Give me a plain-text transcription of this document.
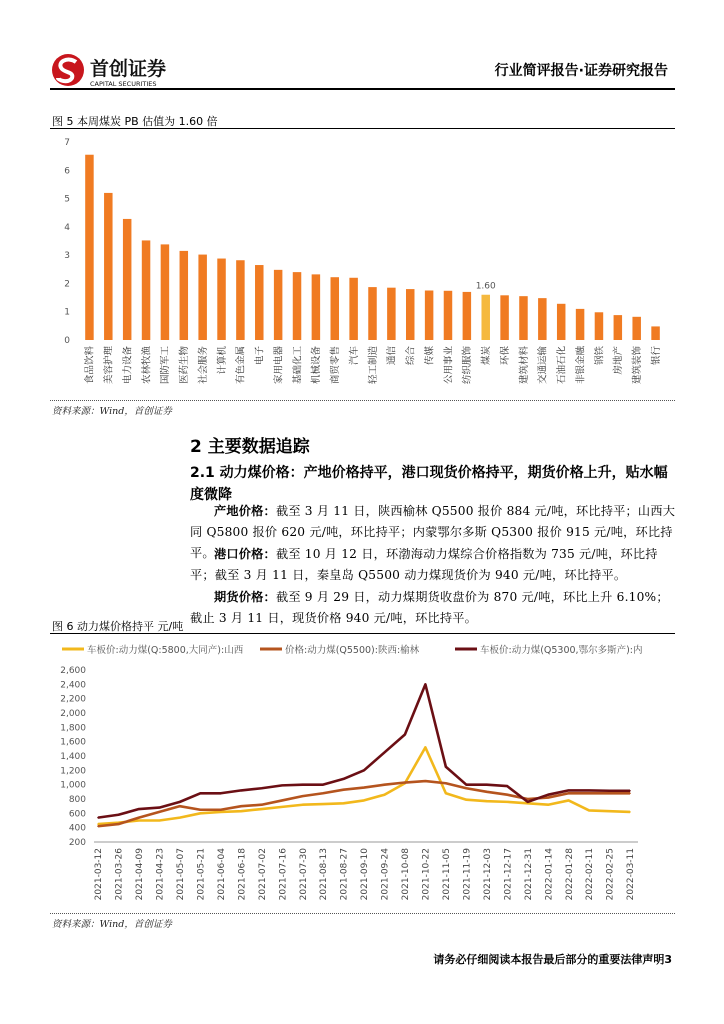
首创证券
CAPITAL SECURITIES
行业简评报告·证券研究报告
图 5 本周煤炭 PB 估值为 1.60 倍
0
1
2
3
4
5
6
7
食品饮料 美容护理 电力设备 农林牧渔 国防军工 医药生物 社会服务 计算机 有色金属 电子 家用电器 基础化工 机械设备 商贸零售 汽车 轻工制造 通信 综合 传媒 公用事业 纺织服饰 煤炭
1.60
环保 建筑材料 交通运输 石油石化 非银金融 钢铁 房地产 建筑装饰 银行
资料来源：Wind，首创证券
2 主要数据追踪
2.1 动力煤价格：产地价格持平，港口现货价格持平，期货价格上升，贴水幅度微降
产地价格：截至 3 月 11 日，陕西榆林 Q5500 报价 884 元/吨，环比持平；山西大同 Q5800 报价 620 元/吨，环比持平；内蒙鄂尔多斯 Q5300 报价 915 元/吨，环比持平。 港口价格：截至 10 月 12 日，环渤海动力煤综合价格指数为 735 元/吨，环比持平；截至 3 月 11 日，秦皇岛 Q5500 动力煤现货价为 940 元/吨，环比持平。
期货价格：截至 9 月 29 日，动力煤期货收盘价为 870 元/吨，环比上升 6.10%；截止 3 月 11 日，现货价格 940 元/吨，环比持平。
图 6 动力煤价格持平 元/吨
200
400
600
800
1,000
1,200
1,400
1,600
1,800
2,000
2,200
2,400
2,600
2021-03-12 2021-03-26 2021-04-09 2021-04-23 2021-05-07 2021-05-21 2021-06-04 2021-06-18 2021-07-02 2021-07-16 2021-07-30 2021-08-13 2021-08-27 2021-09-10 2021-09-24 2021-10-08 2021-10-22 2021-11-05 2021-11-19 2021-12-03 2021-12-17 2021-12-31 2022-01-14 2022-01-28 2022-02-11 2022-02-25 2022-03-11
车板价:动力煤(Q:5800,大同产):山西	价格:动力煤(Q5500):陕西:榆林	车板价:动力煤(Q5300,鄂尔多斯产):内
资料来源：Wind，首创证券
请务必仔细阅读本报告最后部分的重要法律声明3
